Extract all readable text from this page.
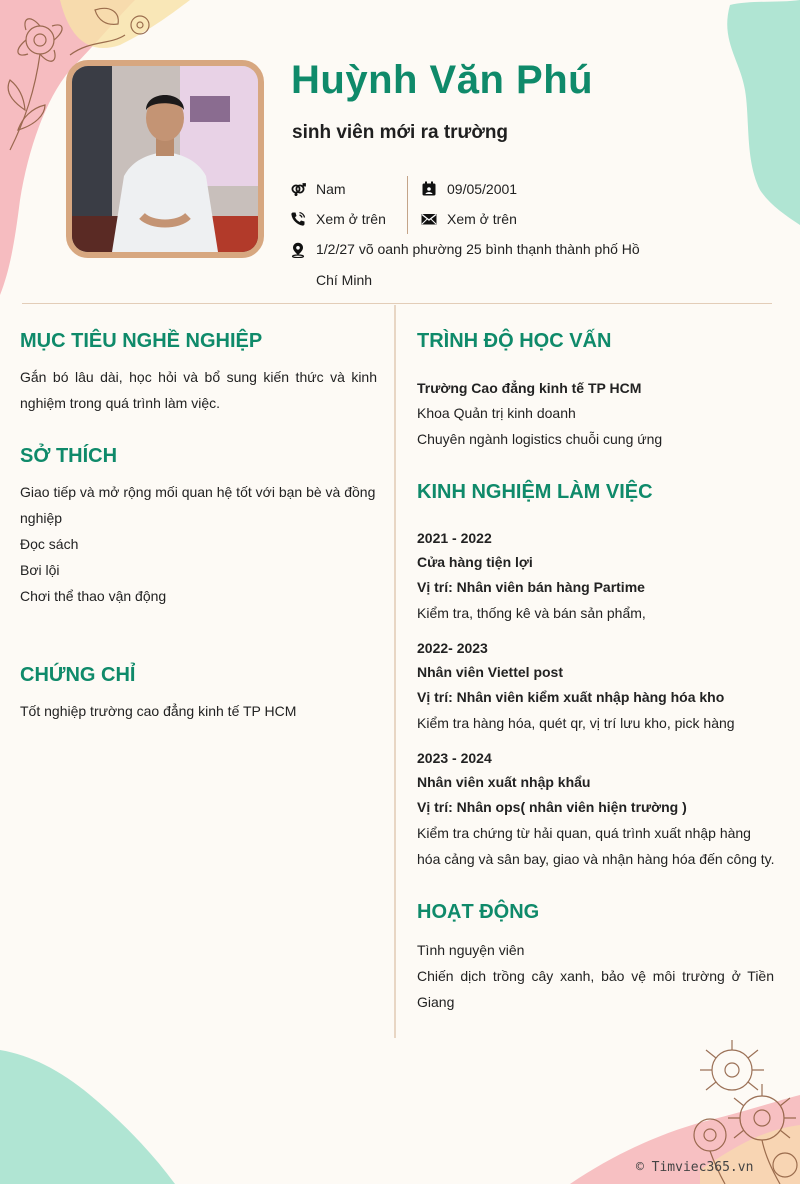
Huỳnh Văn Phú
sinh viên mới ra trường
Nam	09/05/2001
Xem ở trên	Xem ở trên
1/2/27 võ oanh phường 25 bình thạnh thành phố Hồ
Chí Minh
MỤC TIÊU NGHỀ NGHIỆP
Gắn bó lâu dài, học hỏi và bổ sung kiến thức và kinh nghiệm trong quá trình làm việc.
SỞ THÍCH
Giao tiếp và mở rộng mối quan hệ tốt với bạn bè và đồng nghiệp
Đọc sách
Bơi lội
Chơi thể thao vận động
CHỨNG CHỈ
Tốt nghiệp trường cao đẳng kinh tế TP HCM
TRÌNH ĐỘ HỌC VẤN
Trường Cao đẳng kinh tế TP HCM
Khoa Quản trị kinh doanh
Chuyên ngành logistics chuỗi cung ứng
KINH NGHIỆM LÀM VIỆC
2021 - 2022
Cửa hàng tiện lợi
Vị trí: Nhân viên bán hàng Partime
Kiểm tra, thống kê và bán sản phẩm,
2022- 2023
Nhân viên Viettel post
Vị trí: Nhân viên kiểm xuất nhập hàng hóa kho
Kiểm tra hàng hóa, quét qr, vị trí lưu kho, pick hàng
2023 - 2024
Nhân viên xuất nhập khẩu
Vị trí: Nhân ops( nhân viên hiện trường )
Kiểm tra chứng từ hải quan, quá trình xuất nhập hàng hóa cảng và sân bay, giao và nhận hàng hóa đến công ty.
HOẠT ĐỘNG
Tình nguyện viên
Chiến dịch trồng cây xanh, bảo vệ môi trường ở Tiền Giang
© Timviec365.vn
